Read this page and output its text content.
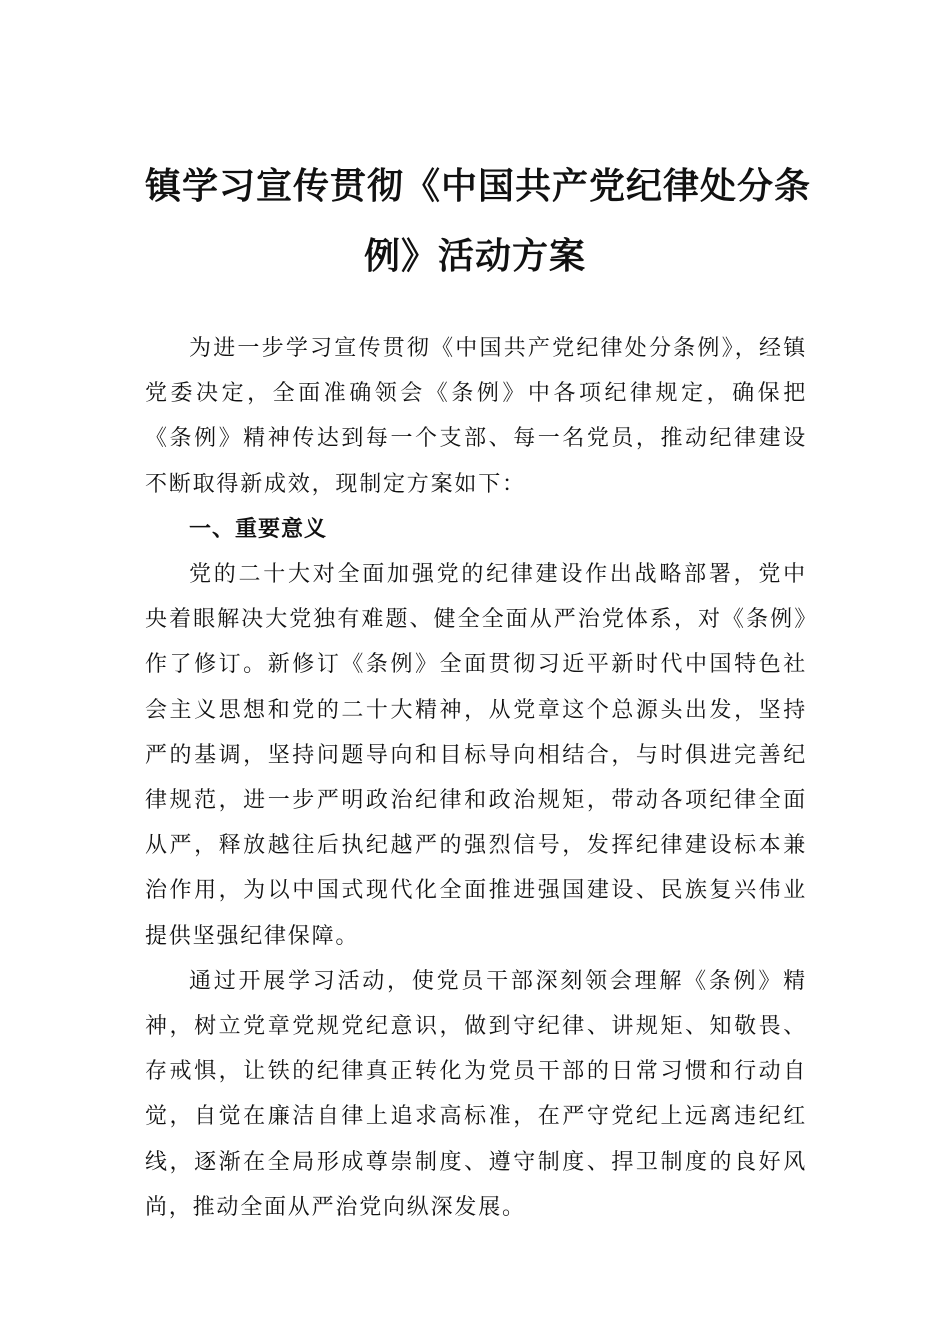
镇学习宣传贯彻《中国共产党纪律处分条
例》活动方案

为进一步学习宣传贯彻《中国共产党纪律处分条例》，经镇党委决定，全面准确领会《条例》中各项纪律规定，确保把《条例》精神传达到每一个支部、每一名党员，推动纪律建设不断取得新成效，现制定方案如下：

一、重要意义

党的二十大对全面加强党的纪律建设作出战略部署，党中央着眼解决大党独有难题、健全全面从严治党体系，对《条例》作了修订。新修订《条例》全面贯彻习近平新时代中国特色社会主义思想和党的二十大精神，从党章这个总源头出发，坚持严的基调，坚持问题导向和目标导向相结合，与时俱进完善纪律规范，进一步严明政治纪律和政治规矩，带动各项纪律全面从严，释放越往后执纪越严的强烈信号，发挥纪律建设标本兼治作用，为以中国式现代化全面推进强国建设、民族复兴伟业提供坚强纪律保障。

通过开展学习活动，使党员干部深刻领会理解《条例》精神，树立党章党规党纪意识，做到守纪律、讲规矩、知敬畏、存戒惧，让铁的纪律真正转化为党员干部的日常习惯和行动自觉，自觉在廉洁自律上追求高标准，在严守党纪上远离违纪红线，逐渐在全局形成尊崇制度、遵守制度、捍卫制度的良好风尚，推动全面从严治党向纵深发展。
